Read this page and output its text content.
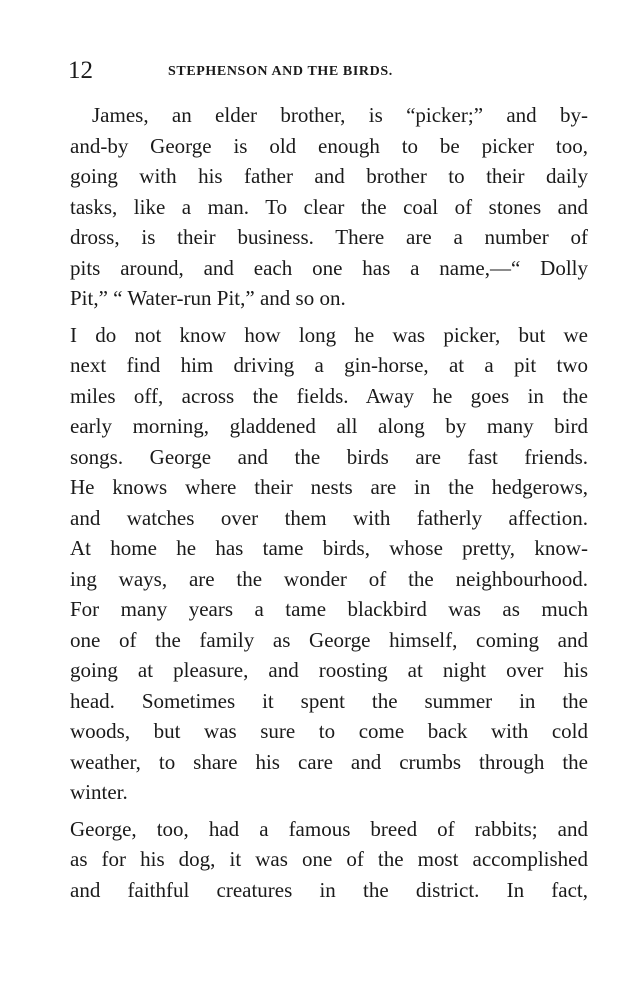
12	STEPHENSON AND THE BIRDS.
James, an elder brother, is “picker;” and by-
and-by George is old enough to be picker too,
going with his father and brother to their daily
tasks, like a man. To clear the coal of stones and
dross, is their business. There are a number of
pits around, and each one has a name,—“ Dolly
Pit,” “ Water-run Pit,” and so on.
I do not know how long he was picker, but we
next find him driving a gin-horse, at a pit two
miles off, across the fields. Away he goes in the
early morning, gladdened all along by many bird
songs. George and the birds are fast friends.
He knows where their nests are in the hedgerows,
and watches over them with fatherly affection.
At home he has tame birds, whose pretty, know-
ing ways, are the wonder of the neighbourhood.
For many years a tame blackbird was as much
one of the family as George himself, coming and
going at pleasure, and roosting at night over his
head. Sometimes it spent the summer in the
woods, but was sure to come back with cold
weather, to share his care and crumbs through the
winter.
George, too, had a famous breed of rabbits; and
as for his dog, it was one of the most accomplished
and faithful creatures in the district. In fact,
